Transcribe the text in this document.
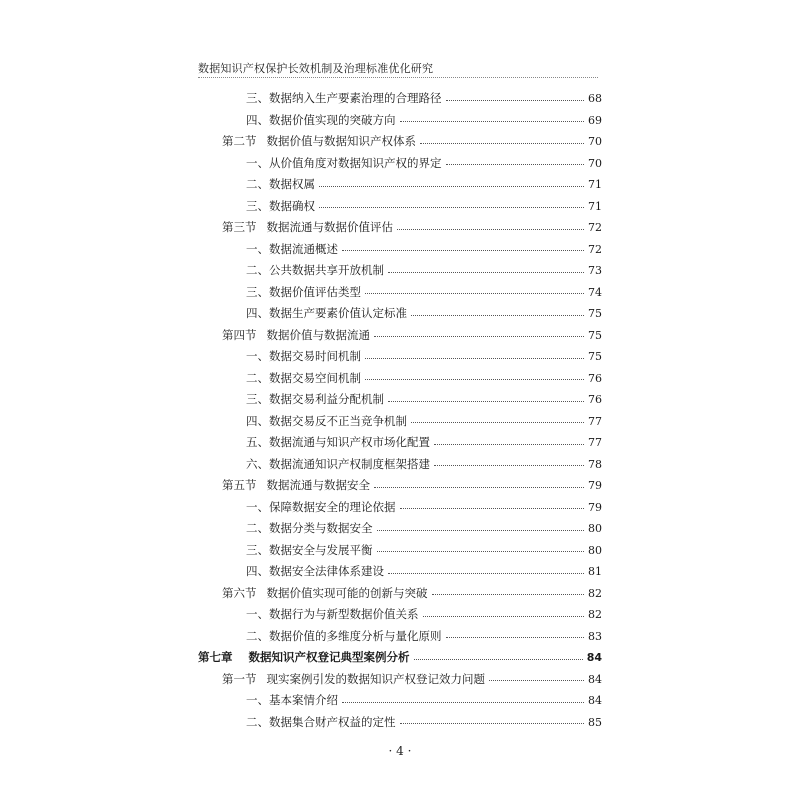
数据知识产权保护长效机制及治理标准优化研究
三、数据纳入生产要素治理的合理路径	68
四、数据价值实现的突破方向	69
第二节 数据价值与数据知识产权体系	70
一、从价值角度对数据知识产权的界定	70
二、数据权属	71
三、数据确权	71
第三节 数据流通与数据价值评估	72
一、数据流通概述	72
二、公共数据共享开放机制	73
三、数据价值评估类型	74
四、数据生产要素价值认定标准	75
第四节 数据价值与数据流通	75
一、数据交易时间机制	75
二、数据交易空间机制	76
三、数据交易利益分配机制	76
四、数据交易反不正当竞争机制	77
五、数据流通与知识产权市场化配置	77
六、数据流通知识产权制度框架搭建	78
第五节 数据流通与数据安全	79
一、保障数据安全的理论依据	79
二、数据分类与数据安全	80
三、数据安全与发展平衡	80
四、数据安全法律体系建设	81
第六节 数据价值实现可能的创新与突破	82
一、数据行为与新型数据价值关系	82
二、数据价值的多维度分析与量化原则	83
第七章 数据知识产权登记典型案例分析	84
第一节 现实案例引发的数据知识产权登记效力问题	84
一、基本案情介绍	84
二、数据集合财产权益的定性	85
· 4 ·
